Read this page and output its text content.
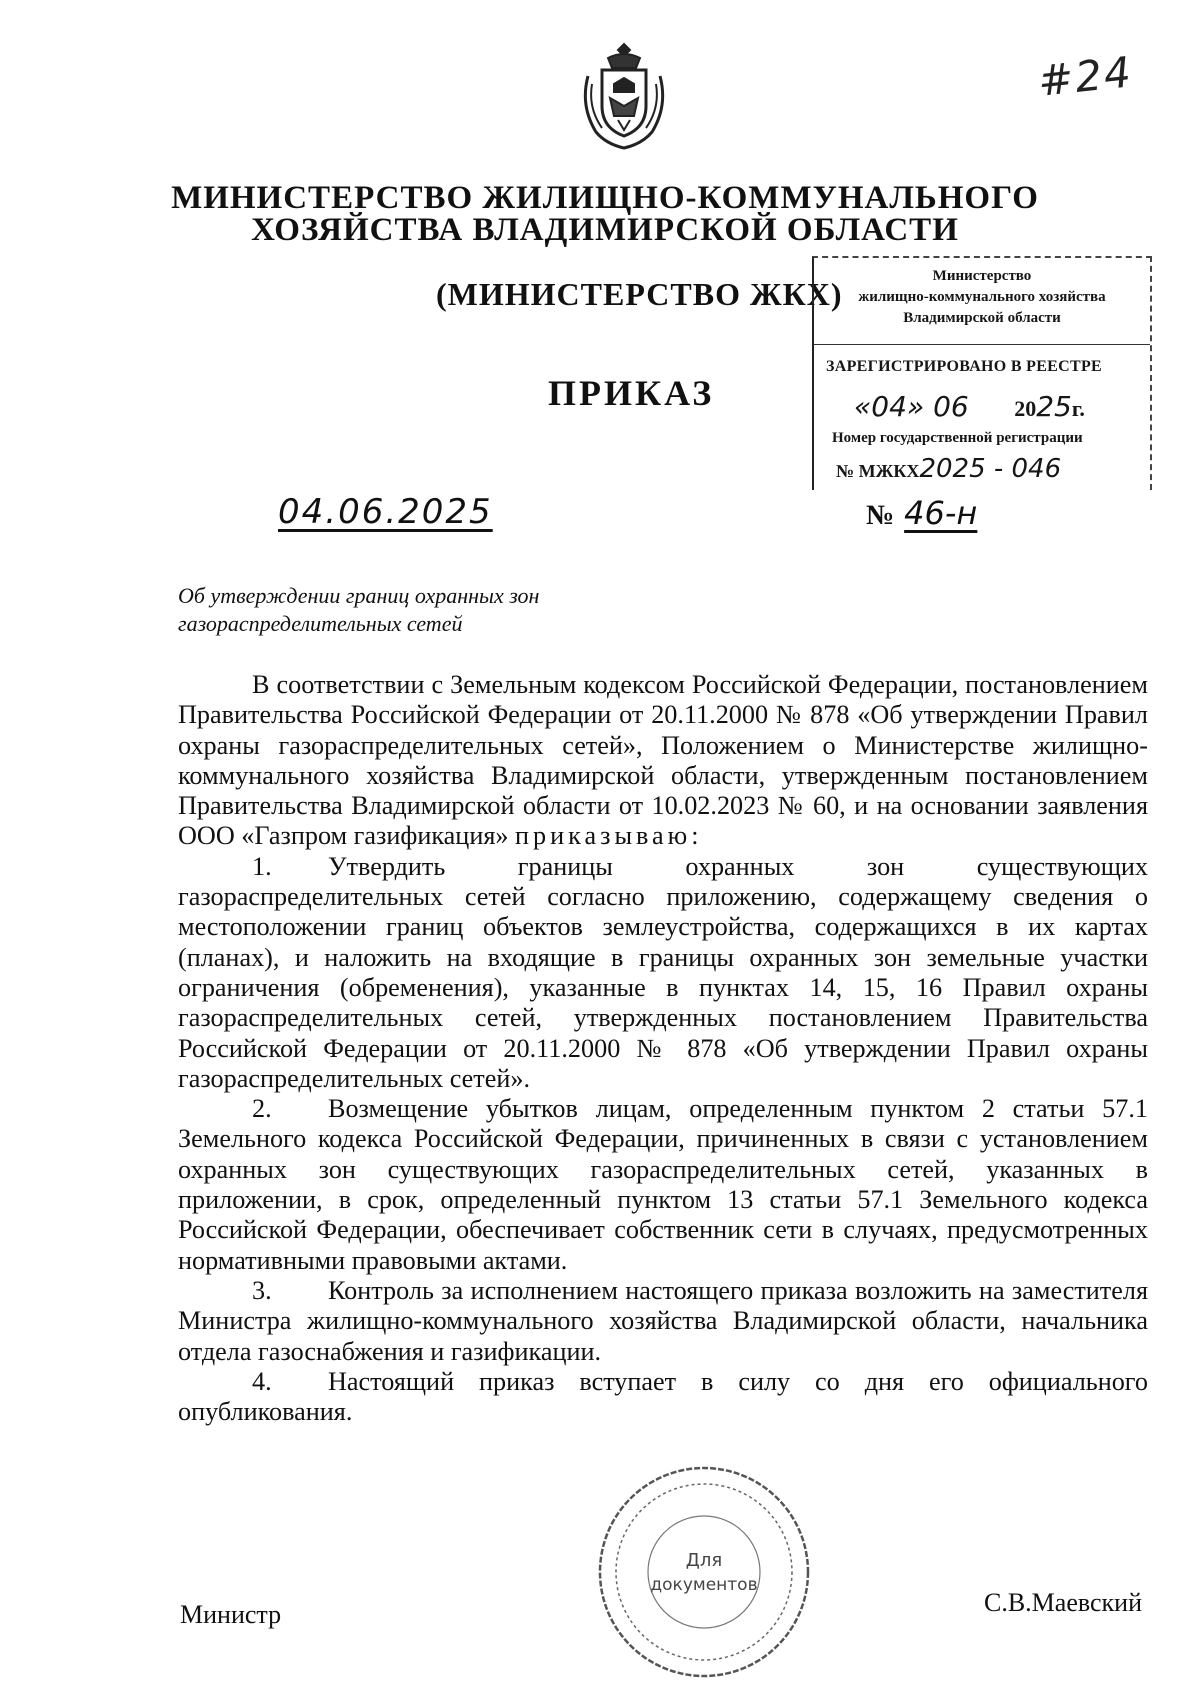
#24
МИНИСТЕРСТВО ЖИЛИЩНО-КОММУНАЛЬНОГО
ХОЗЯЙСТВА ВЛАДИМИРСКОЙ ОБЛАСТИ
(МИНИСТЕРСТВО ЖКХ)
ПРИКАЗ
Министерство
жилищно-коммунального хозяйства
Владимирской области
ЗАРЕГИСТРИРОВАНО В РЕЕСТРЕ
«04» 06 2025г.
Номер государственной регистрации
№ МЖКХ2025 - 046
04.06.2025	№ 46-н
Об утверждении границ охранных зон
газораспределительных сетей

В соответствии с Земельным кодексом Российской Федерации, постановлением Правительства Российской Федерации от 20.11.2000 № 878 «Об утверждении Правил охраны газораспределительных сетей», Положением о Министерстве жилищно-коммунального хозяйства Владимирской области, утвержденным постановлением Правительства Владимирской области от 10.02.2023 № 60, и на основании заявления ООО «Газпром газификация» приказываю:

1. Утвердить границы охранных зон существующих газораспределительных сетей согласно приложению, содержащему сведения о местоположении границ объектов землеустройства, содержащихся в их картах (планах), и наложить на входящие в границы охранных зон земельные участки ограничения (обременения), указанные в пунктах 14, 15, 16 Правил охраны газораспределительных сетей, утвержденных постановлением Правительства Российской Федерации от 20.11.2000 № 878 «Об утверждении Правил охраны газораспределительных сетей».

2. Возмещение убытков лицам, определенным пунктом 2 статьи 57.1 Земельного кодекса Российской Федерации, причиненных в связи с установлением охранных зон существующих газораспределительных сетей, указанных в приложении, в срок, определенный пунктом 13 статьи 57.1 Земельного кодекса Российской Федерации, обеспечивает собственник сети в случаях, предусмотренных нормативными правовыми актами.

3. Контроль за исполнением настоящего приказа возложить на заместителя Министра жилищно-коммунального хозяйства Владимирской области, начальника отдела газоснабжения и газификации.

4. Настоящий приказ вступает в силу со дня его официального опубликования.

Министр	С.В.Маевский
Для
документов
